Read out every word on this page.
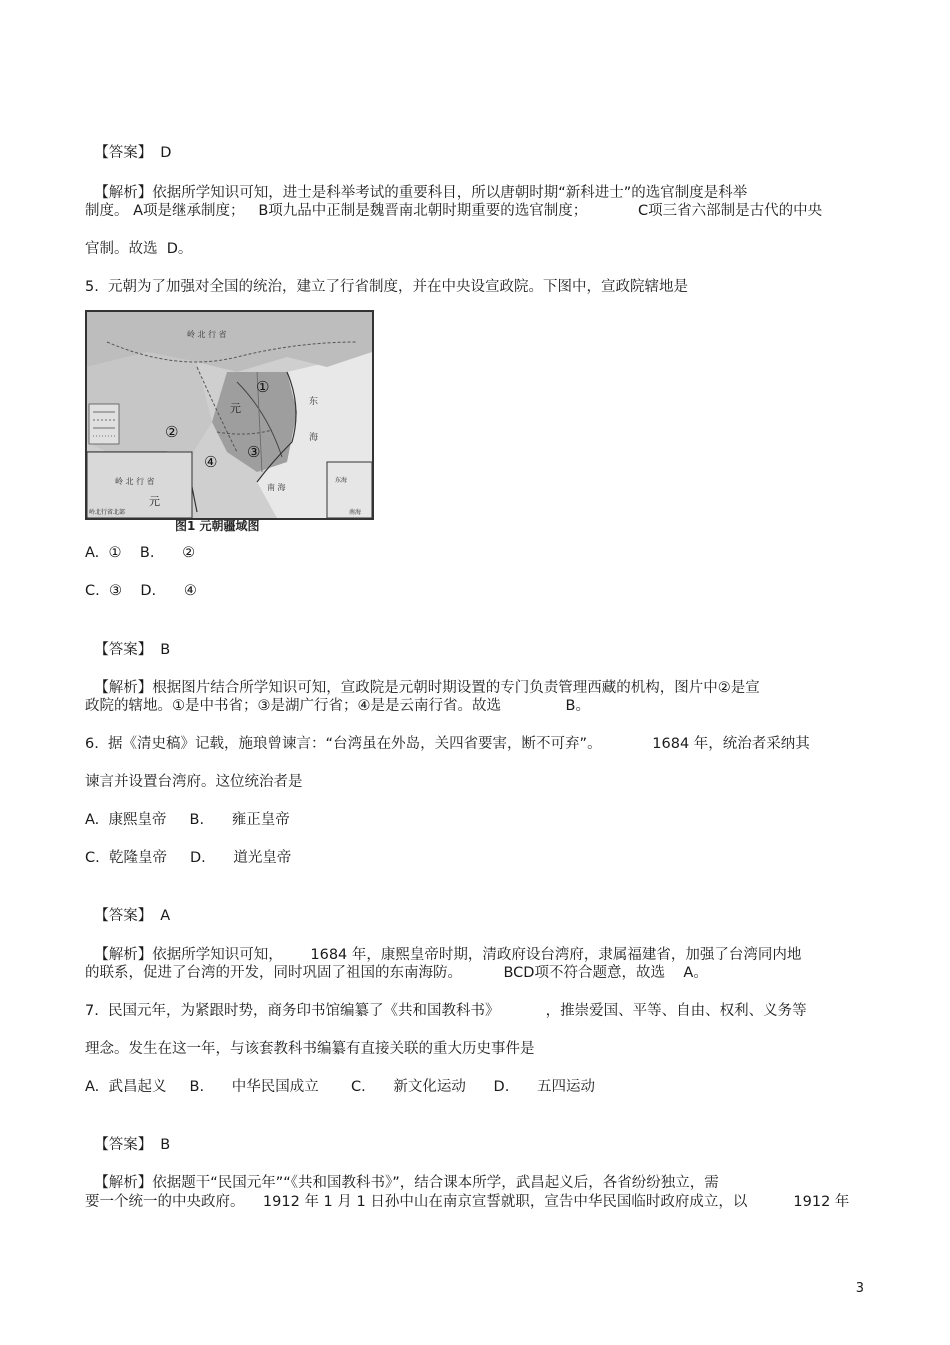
【答案】 D

【解析】依据所学知识可知，进士是科举考试的重要科目，所以唐朝时期“新科进士”的选官制度是科举

制度。 A项是继承制度；   B项九品中正制是魏晋南北朝时期重要的选官制度；           C项三省六部制是古代的中央
官制。故选  D。
5.  元朝为了加强对全国的统治，建立了行省制度，并在中央设宣政院。下图中，宣政院辖地是
岭 北 行 省
元
岭 北 行 省
元
东
海
南 海
岭北行省北部	南海
东海
①
②
③
④
图1 元朝疆域图
A.  ①    B.      ②
C.  ③    D.      ④

【答案】 B

【解析】根据图片结合所学知识可知，宣政院是元朝时期设置的专门负责管理西藏的机构，图片中②是宣

政院的辖地。①是中书省；③是湖广行省；④是是云南行省。故选              B。
6.  据《清史稿》记载，施琅曾谏言：“台湾虽在外岛，关四省要害，断不可弃”。           1684 年，统治者采纳其
谏言并设置台湾府。这位统治者是
A.  康熙皇帝     B.      雍正皇帝
C.  乾隆皇帝     D.      道光皇帝

【答案】 A

【解析】依据所学知识可知，      1684 年，康熙皇帝时期，清政府设台湾府，隶属福建省，加强了台湾同内地

的联系，促进了台湾的开发，同时巩固了祖国的东南海防。         BCD项不符合题意，故选    A。
7.  民国元年，为紧跟时势，商务印书馆编纂了《共和国教科书》          ，推崇爱国、平等、自由、权利、义务等
理念。发生在这一年，与该套教科书编纂有直接关联的重大历史事件是
A.  武昌起义     B.      中华民国成立       C.      新文化运动      D.      五四运动

【答案】 B

【解析】依据题干“民国元年”“《共和国教科书》”，结合课本所学，武昌起义后，各省纷纷独立，需

要一个统一的中央政府。    1912 年 1 月 1 日孙中山在南京宣誓就职，宣告中华民国临时政府成立，以          1912 年
3
